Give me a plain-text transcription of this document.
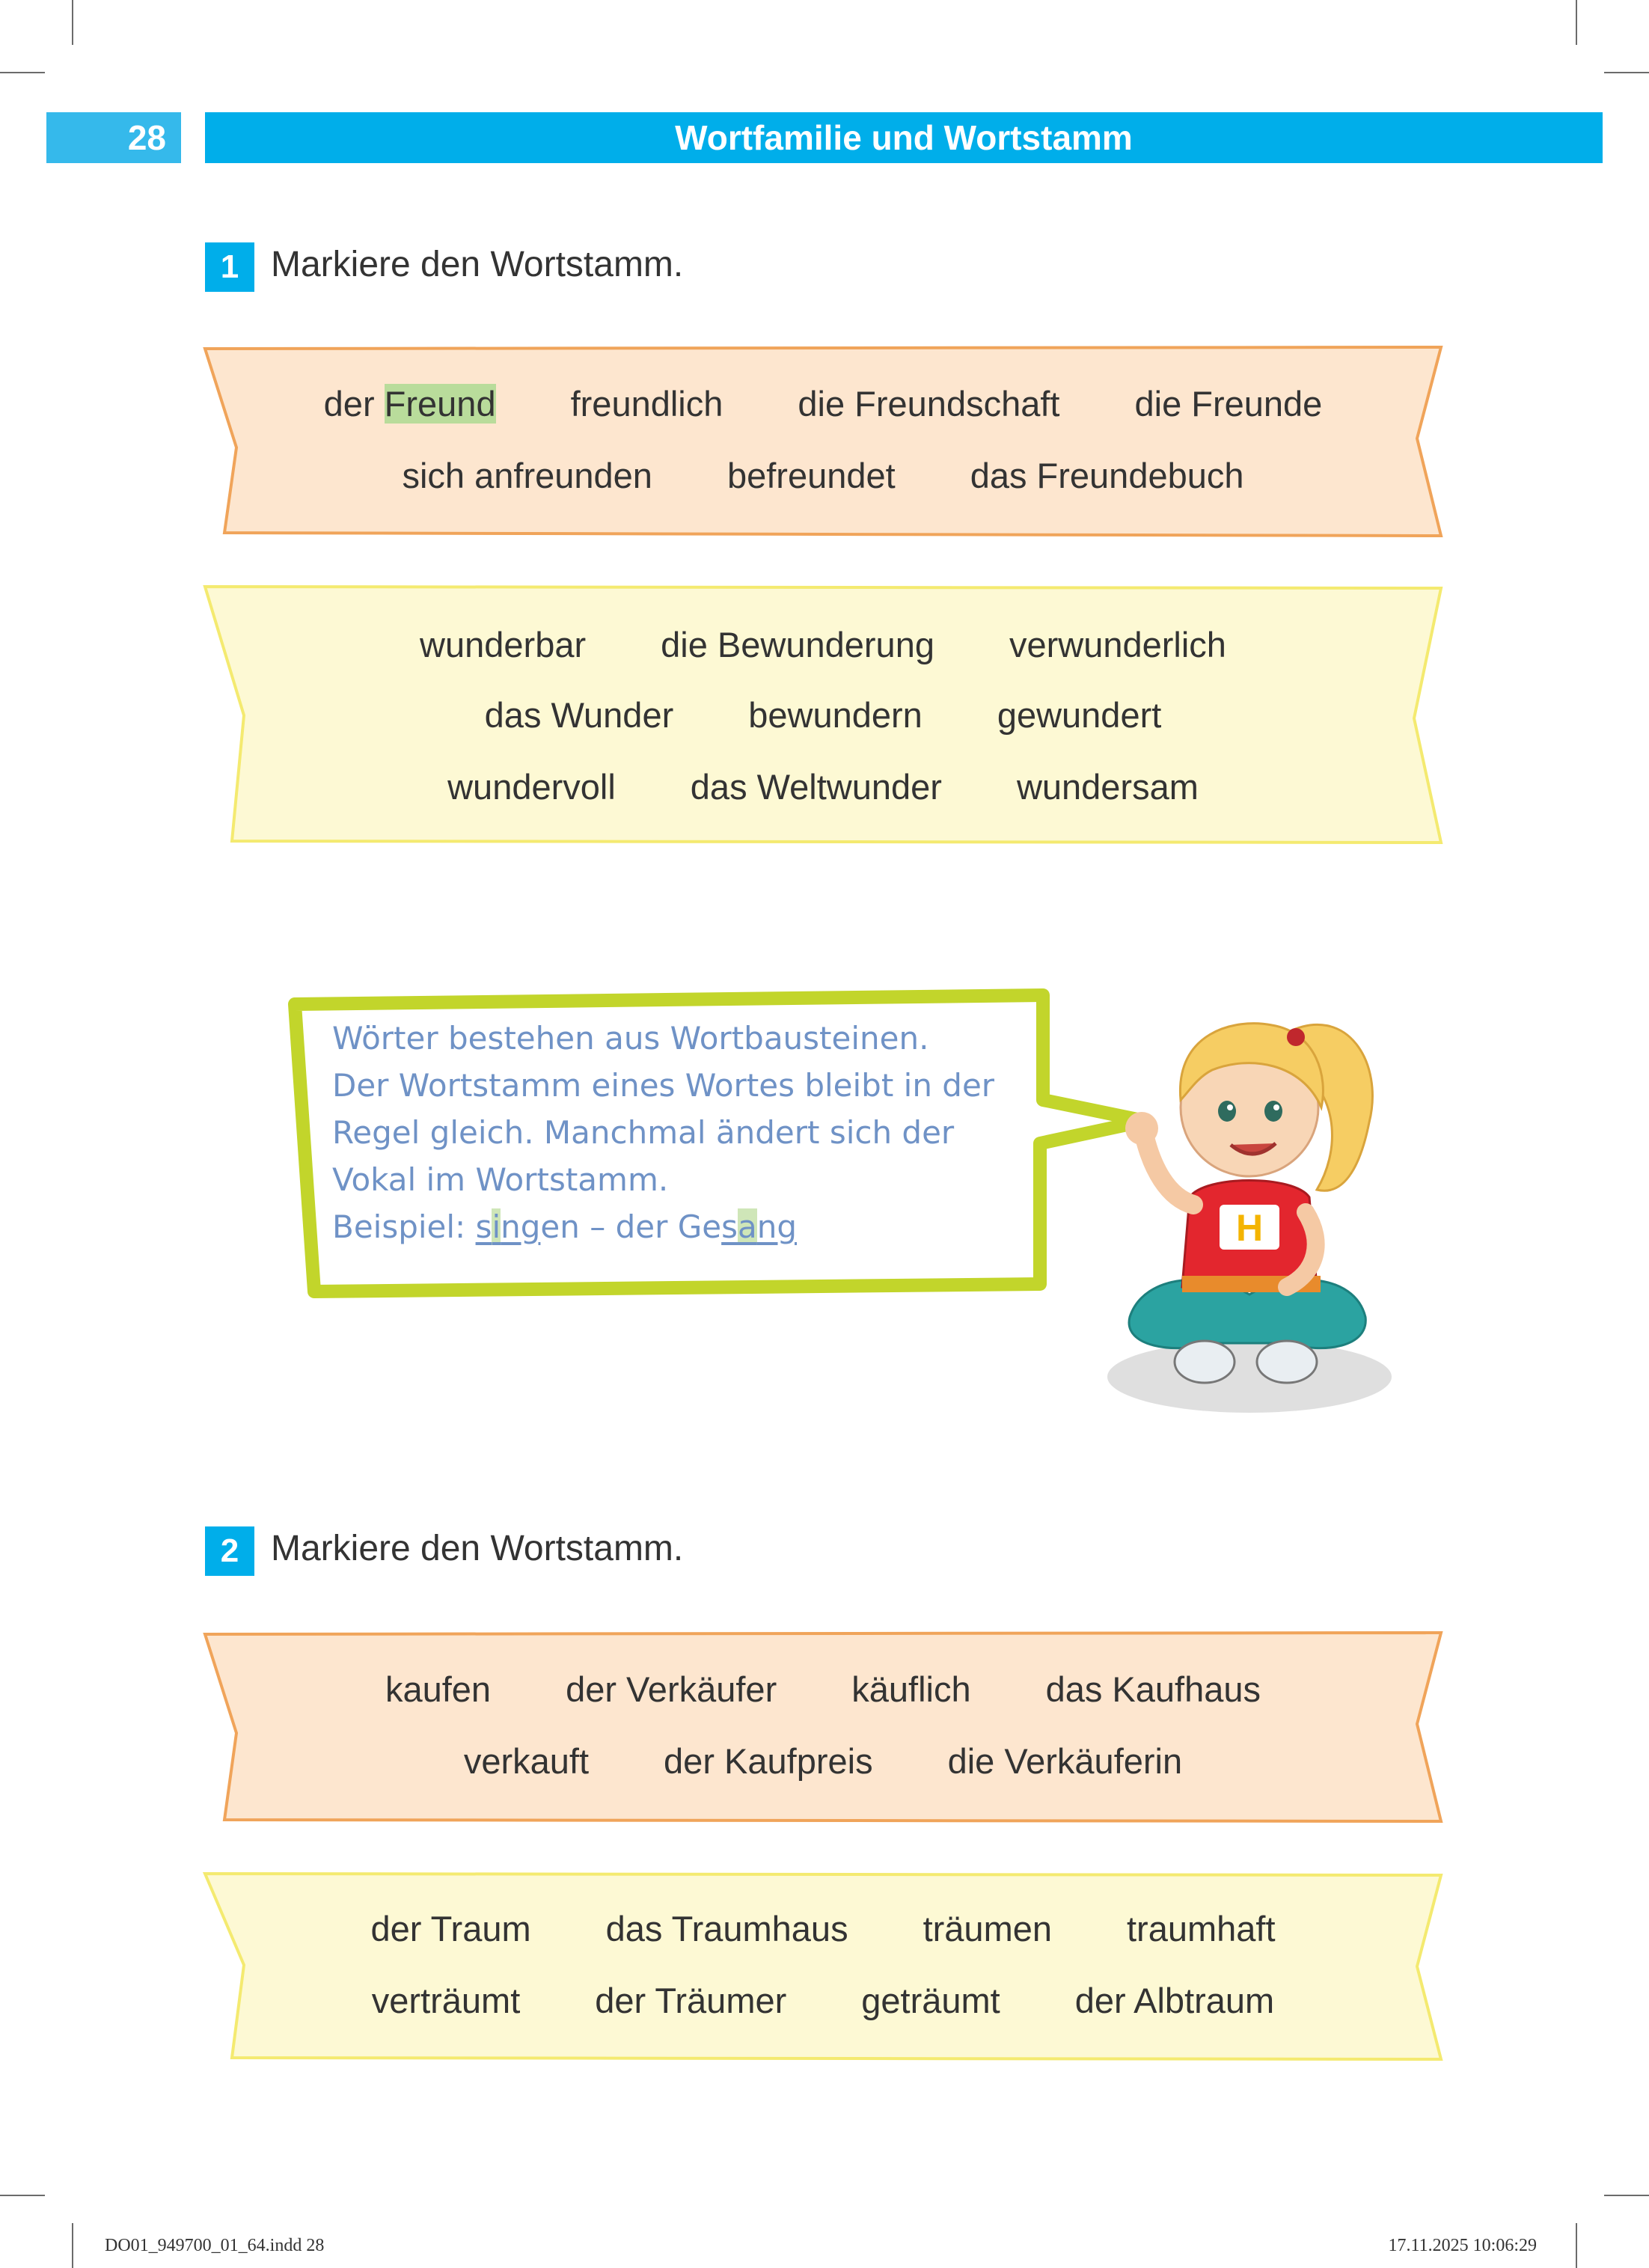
28	Wortfamilie und Wortstamm
1 Markiere den Wortstamm.
der Freund freundlich die Freundschaft die Freunde
sich anfreunden befreundet das Freundebuch
wunderbar die Bewunderung verwunderlich
das Wunder bewundern gewundert
wundervoll das Weltwunder wundersam
Wörter bestehen aus Wortbausteinen.
Der Wortstamm eines Wortes bleibt in der
Regel gleich. Manchmal ändert sich der
Vokal im Wortstamm.
Beispiel: singen – der Gesang	H
2 Markiere den Wortstamm.
kaufen der Verkäufer käuflich das Kaufhaus
verkauft der Kaufpreis die Verkäuferin
der Traum das Traumhaus träumen traumhaft
verträumt der Träumer geträumt der Albtraum
DO01_949700_01_64.indd 28	17.11.2025 10:06:29
